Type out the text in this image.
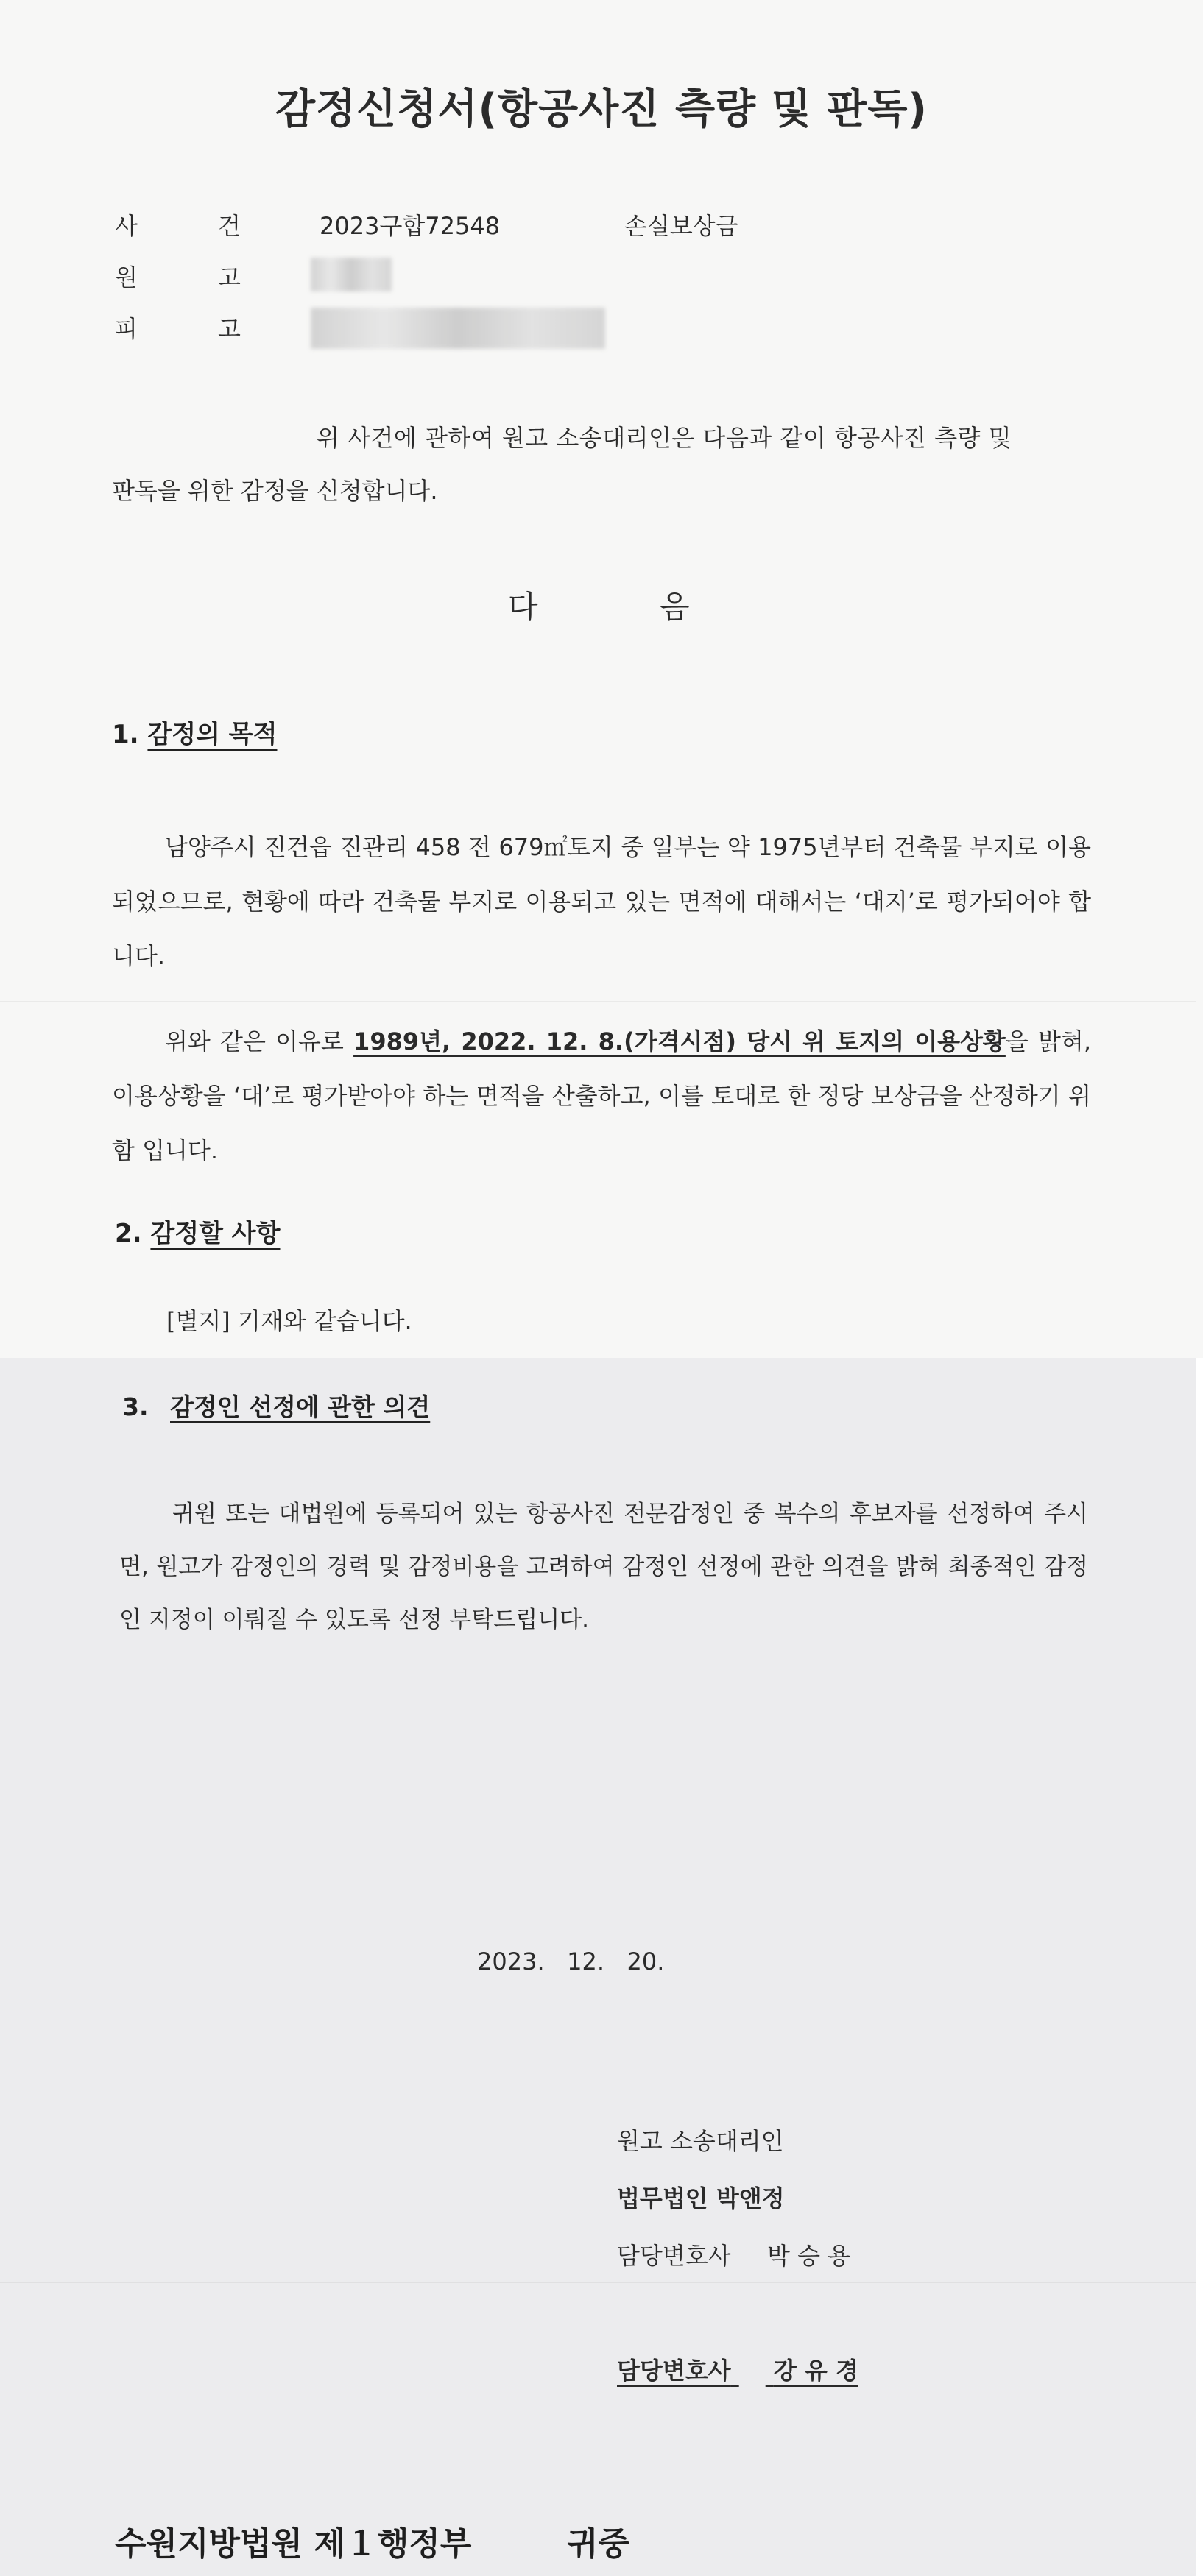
감정신청서(항공사진 측량 및 판독)
사	건	2023구합72548	손실보상금
원	고
피	고
위 사건에 관하여 원고 소송대리인은 다음과 같이 항공사진 측량 및
판독을 위한 감정을 신청합니다.
다	음
1. 감정의 목적

남양주시 진건읍 진관리 458 전 679㎡토지 중 일부는 약 1975년부터 건축물 부지로 이용되었으므로, 현황에 따라 건축물 부지로 이용되고 있는 면적에 대해서는 ‘대지’로 평가되어야 합니다.

위와 같은 이유로 1989년, 2022. 12. 8.(가격시점) 당시 위 토지의 이용상황을 밝혀, 이용상황을 ‘대’로 평가받아야 하는 면적을 산출하고, 이를 토대로 한 정당 보상금을 산정하기 위함 입니다.

2. 감정할 사항
[별지] 기재와 같습니다.
3. 감정인 선정에 관한 의견

귀원 또는 대법원에 등록되어 있는 항공사진 전문감정인 중 복수의 후보자를 선정하여 주시면, 원고가 감정인의 경력 및 감정비용을 고려하여 감정인 선정에 관한 의견을 밝혀 최종적인 감정인 지정이 이뤄질 수 있도록 선정 부탁드립니다.

2023.   12.   20.
원고 소송대리인
법무법인 박앤정
담당변호사 박 승 용
담당변호사 강 유 경
수원지방법원 제１행정부	귀중
